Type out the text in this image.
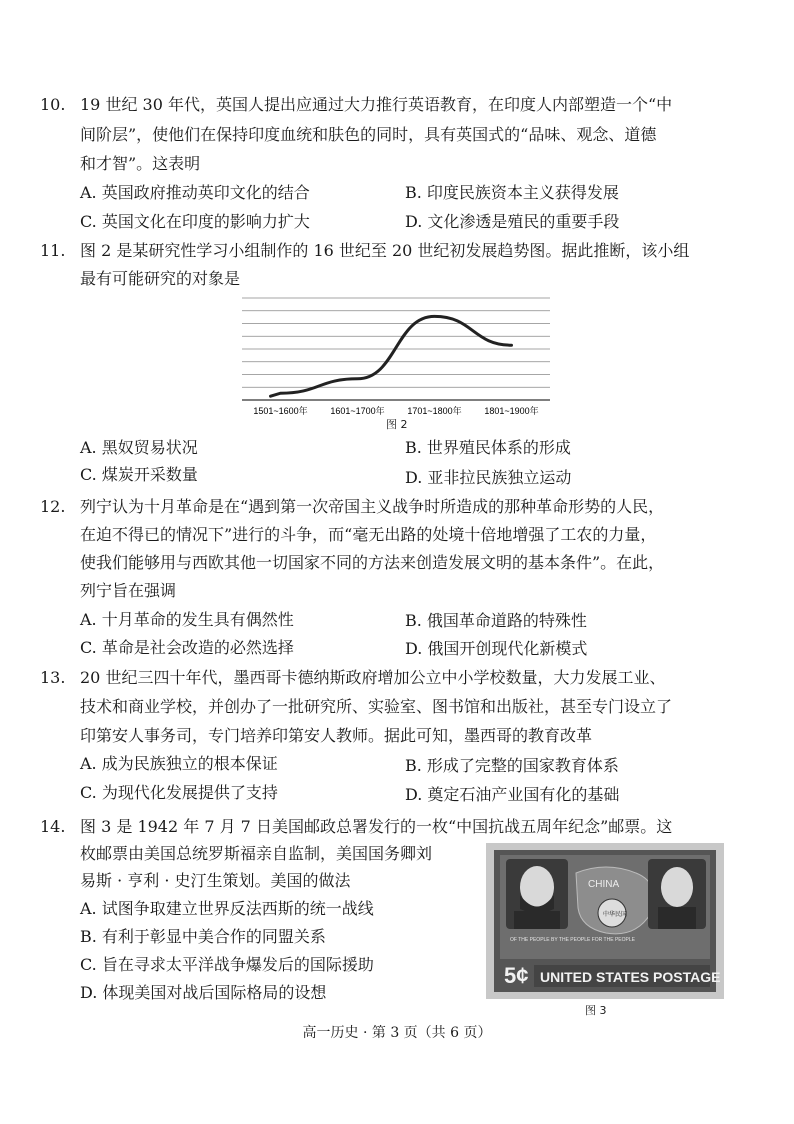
10. 19 世纪 30 年代，英国人提出应通过大力推行英语教育，在印度人内部塑造一个“中
间阶层”，使他们在保持印度血统和肤色的同时，具有英国式的“品味、观念、道德
和才智”。这表明
A. 英国政府推动英印文化的结合	B. 印度民族资本主义获得发展
C. 英国文化在印度的影响力扩大	D. 文化渗透是殖民的重要手段
11. 图 2 是某研究性学习小组制作的 16 世纪至 20 世纪初发展趋势图。据此推断，该小组
最有可能研究的对象是
1501~1600年	1601~1700年	1701~1800年	1801~1900年
图 2
A. 黑奴贸易状况	B. 世界殖民体系的形成
C. 煤炭开采数量	D. 亚非拉民族独立运动
12. 列宁认为十月革命是在“遇到第一次帝国主义战争时所造成的那种革命形势的人民，
在迫不得已的情况下”进行的斗争，而“毫无出路的处境十倍地增强了工农的力量，
使我们能够用与西欧其他一切国家不同的方法来创造发展文明的基本条件”。在此，
列宁旨在强调
A. 十月革命的发生具有偶然性	B. 俄国革命道路的特殊性
C. 革命是社会改造的必然选择	D. 俄国开创现代化新模式
13. 20 世纪三四十年代，墨西哥卡德纳斯政府增加公立中小学校数量，大力发展工业、
技术和商业学校，并创办了一批研究所、实验室、图书馆和出版社，甚至专门设立了
印第安人事务司，专门培养印第安人教师。据此可知，墨西哥的教育改革
A. 成为民族独立的根本保证	B. 形成了完整的国家教育体系
C. 为现代化发展提供了支持	D. 奠定石油产业国有化的基础
14. 图 3 是 1942 年 7 月 7 日美国邮政总署发行的一枚“中国抗战五周年纪念”邮票。这
枚邮票由美国总统罗斯福亲自监制，美国国务卿刘
易斯 · 亨利 · 史汀生策划。美国的做法
A. 试图争取建立世界反法西斯的统一战线
B. 有利于彰显中美合作的同盟关系
C. 旨在寻求太平洋战争爆发后的国际援助
D. 体现美国对战后国际格局的设想
CHINA
中华民国
OF THE PEOPLE BY THE PEOPLE FOR THE PEOPLE
5¢ UNITED STATES POSTAGE
图 3
高一历史 · 第 3 页（共 6 页）
